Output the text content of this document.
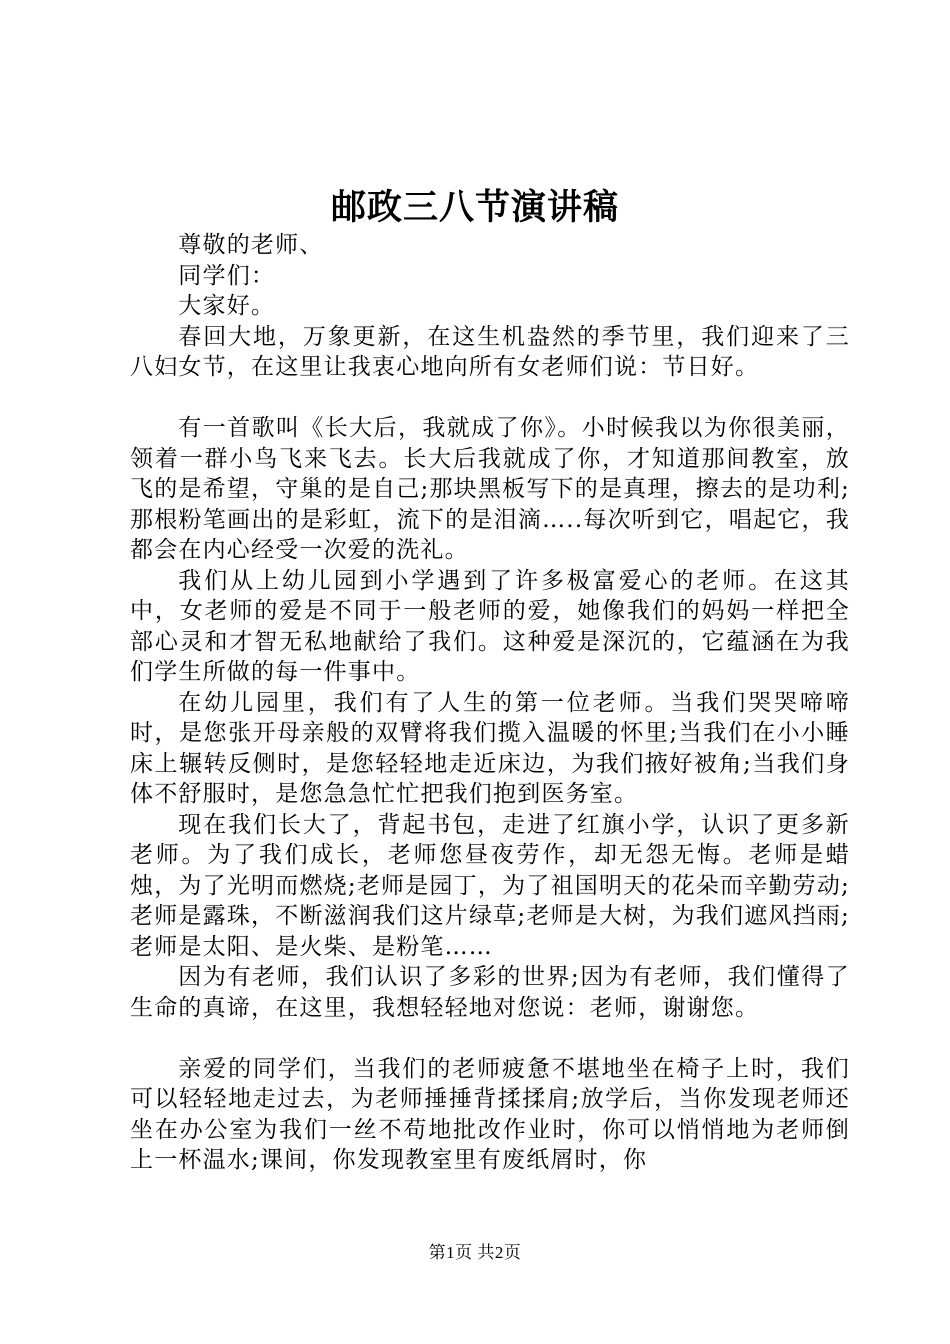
邮政三八节演讲稿

尊敬的老师、

同学们：

大家好。

春回大地，万象更新，在这生机盎然的季节里，我们迎来了三八妇女节，在这里让我衷心地向所有女老师们说：节日好。

有一首歌叫《长大后，我就成了你》。小时候我以为你很美丽，领着一群小鸟飞来飞去。长大后我就成了你，才知道那间教室，放飞的是希望，守巢的是自己;那块黑板写下的是真理，擦去的是功利;那根粉笔画出的是彩虹，流下的是泪滴…..每次听到它，唱起它，我都会在内心经受一次爱的洗礼。

我们从上幼儿园到小学遇到了许多极富爱心的老师。在这其中，女老师的爱是不同于一般老师的爱，她像我们的妈妈一样把全部心灵和才智无私地献给了我们。这种爱是深沉的，它蕴涵在为我们学生所做的每一件事中。

在幼儿园里，我们有了人生的第一位老师。当我们哭哭啼啼时，是您张开母亲般的双臂将我们揽入温暖的怀里;当我们在小小睡床上辗转反侧时，是您轻轻地走近床边，为我们掖好被角;当我们身体不舒服时，是您急急忙忙把我们抱到医务室。

现在我们长大了，背起书包，走进了红旗小学，认识了更多新老师。为了我们成长，老师您昼夜劳作，却无怨无悔。老师是蜡烛，为了光明而燃烧;老师是园丁，为了祖国明天的花朵而辛勤劳动;老师是露珠，不断滋润我们这片绿草;老师是大树，为我们遮风挡雨;老师是太阳、是火柴、是粉笔……

因为有老师，我们认识了多彩的世界;因为有老师，我们懂得了生命的真谛，在这里，我想轻轻地对您说：老师，谢谢您。

亲爱的同学们，当我们的老师疲惫不堪地坐在椅子上时，我们可以轻轻地走过去，为老师捶捶背揉揉肩;放学后，当你发现老师还坐在办公室为我们一丝不苟地批改作业时，你可以悄悄地为老师倒上一杯温水;课间，你发现教室里有废纸屑时，你

第1页 共2页
